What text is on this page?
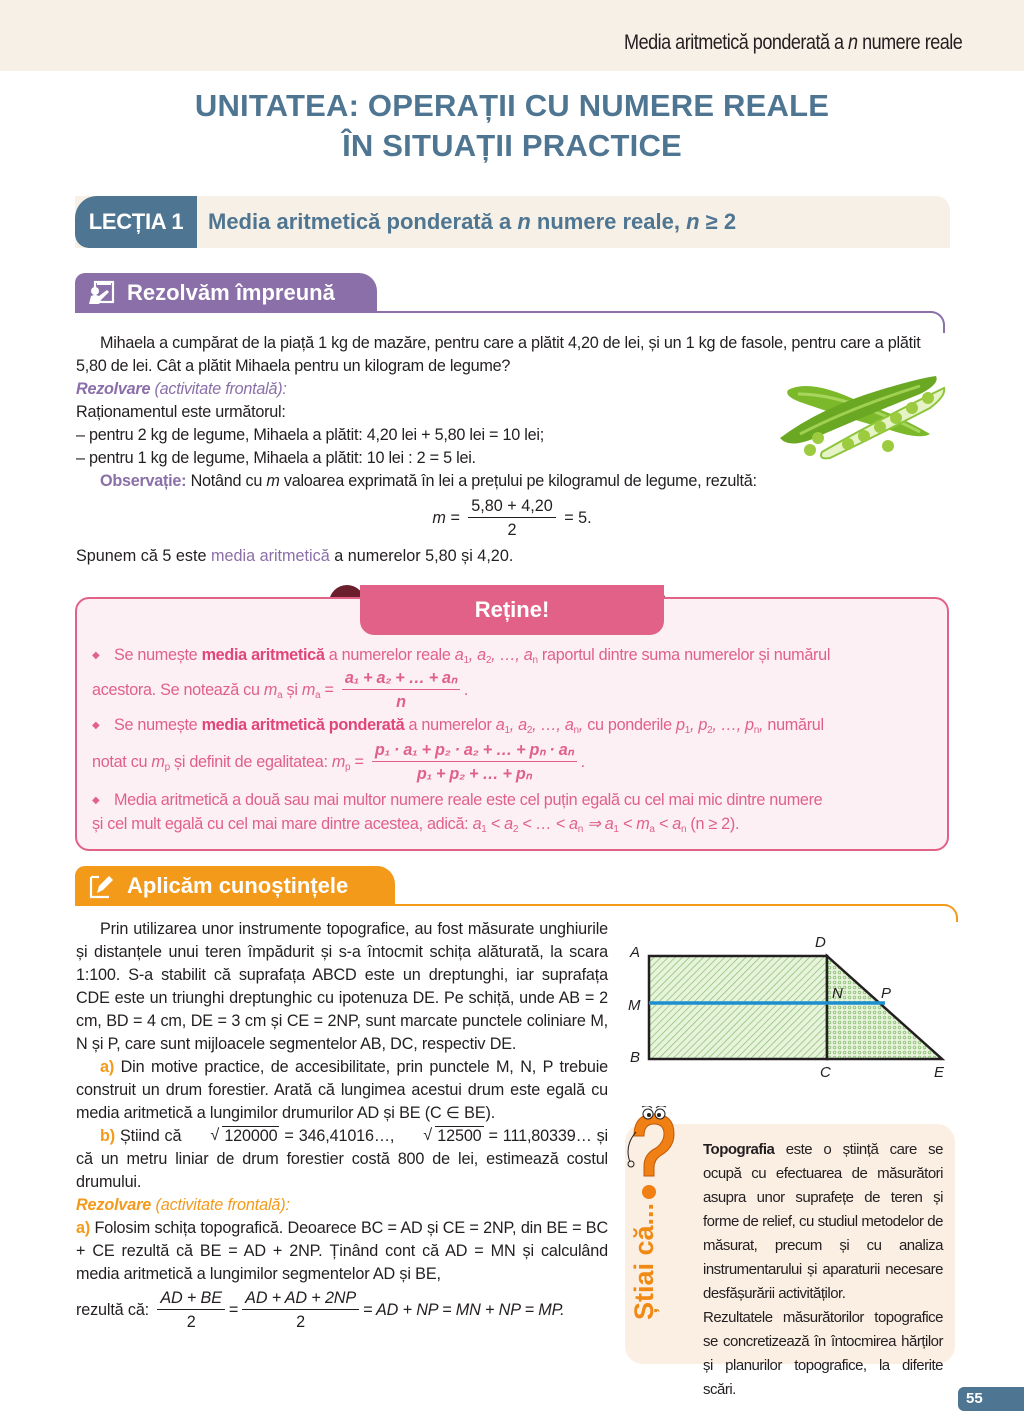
Media aritmetică ponderată a n numere reale
UNITATEA: OPERAȚII CU NUMERE REALE
ÎN SITUAȚII PRACTICE
LECȚIA 1	Media aritmetică ponderată a n numere reale, n ≥ 2
Rezolvăm împreună
Mihaela a cumpărat de la piață 1 kg de mazăre, pentru care a plătit 4,20 de lei, și un 1 kg de fasole, pentru care a plătit 5,80 de lei. Cât a plătit Mihaela pentru un kilogram de legume?
Rezolvare (activitate frontală):
Raționamentul este următorul:
– pentru 2 kg de legume, Mihaela a plătit: 4,20 lei + 5,80 lei = 10 lei;
– pentru 1 kg de legume, Mihaela a plătit: 10 lei : 2 = 5 lei.
Observație: Notând cu m valoarea exprimată în lei a prețului pe kilogramul de legume, rezultă:
$m = \frac{5,80 + 4,20}{2} = 5$.
Spunem că 5 este media aritmetică a numerelor 5,80 și 4,20.
Reține!
◆ Se numește media aritmetică a numerelor reale $a_1$, $a_2$, …, $a_n$ raportul dintre suma numerelor și numărul
acestora. Se notează cu $m_a$ și $m_a = \frac{\text{a₁ + a₂ + … + aₙ}}{n}$ .
◆ Se numește media aritmetică ponderată a numerelor $a_1$, $a_2$, …, $a_n$, cu ponderile $p_1$, $p_2$, …, $p_n$, numărul
notat cu $m_p$ și definit de egalitatea: $m_p = \frac{\text{p₁ · a₁ + p₂ · a₂ + … + pₙ · aₙ}}{\text{p₁ + p₂ + … + pₙ}}$ .
◆ Media aritmetică a două sau mai multor numere reale este cel puțin egală cu cel mai mic dintre numere
și cel mult egală cu cel mai mare dintre acestea, adică: $a_1 < a_2$ < … < $a_n$ ⇒ $a_1 < m_a < a_n$ (n ≥ 2).
Aplicăm cunoștințele
Prin utilizarea unor instrumente topografice, au fost măsurate unghiurile și distanțele unui teren împădurit și s-a întocmit schița alăturată, la scara 1:100. S-a stabilit că suprafața ABCD este un dreptunghi, iar suprafața CDE este un triunghi dreptunghic cu ipotenuza DE. Pe schiță, unde AB = 2 cm, BD = 4 cm, DE = 3 cm și CE = 2NP, sunt marcate punctele coliniare M, N și P, care sunt mijloacele segmentelor AB, DC, respectiv DE.
a) Din motive practice, de accesibilitate, prin punctele M, N, P trebuie construit un drum forestier. Arată că lungimea acestui drum este egală cu media aritmetică a lungimilor drumurilor AD și BE (C ∈ BE).
b) Știind că √ 120000 = 346,41016…, √ 12500 = 111,80339… și că un metru liniar de drum forestier costă 800 de lei, estimează costul drumului.
Rezolvare (activitate frontală):
a) Folosim schița topografică. Deoarece BC = AD și CE = 2NP, din BE = BC + CE rezultă că BE = AD + 2NP. Ținând cont că AD = MN și calculând media aritmetică a lungimilor segmentelor AD și BE,
rezultă că: $\frac{AD + BE}{2} = \frac{AD + AD + 2NP}{2}$ = AD + NP = MN + NP = MP.
A
D
M
N	P
B
C	E
Știai că...
Topografia este o știință care se ocupă cu efectuarea de măsurători asupra unor suprafețe de teren și forme de relief, cu studiul metodelor de măsurat, precum și cu analiza instrumentarului și aparaturii necesare desfășurării activităților.
Rezultatele măsurătorilor topografice se concretizează în întocmirea hărților și planurilor topografice, la diferite scări.
55
